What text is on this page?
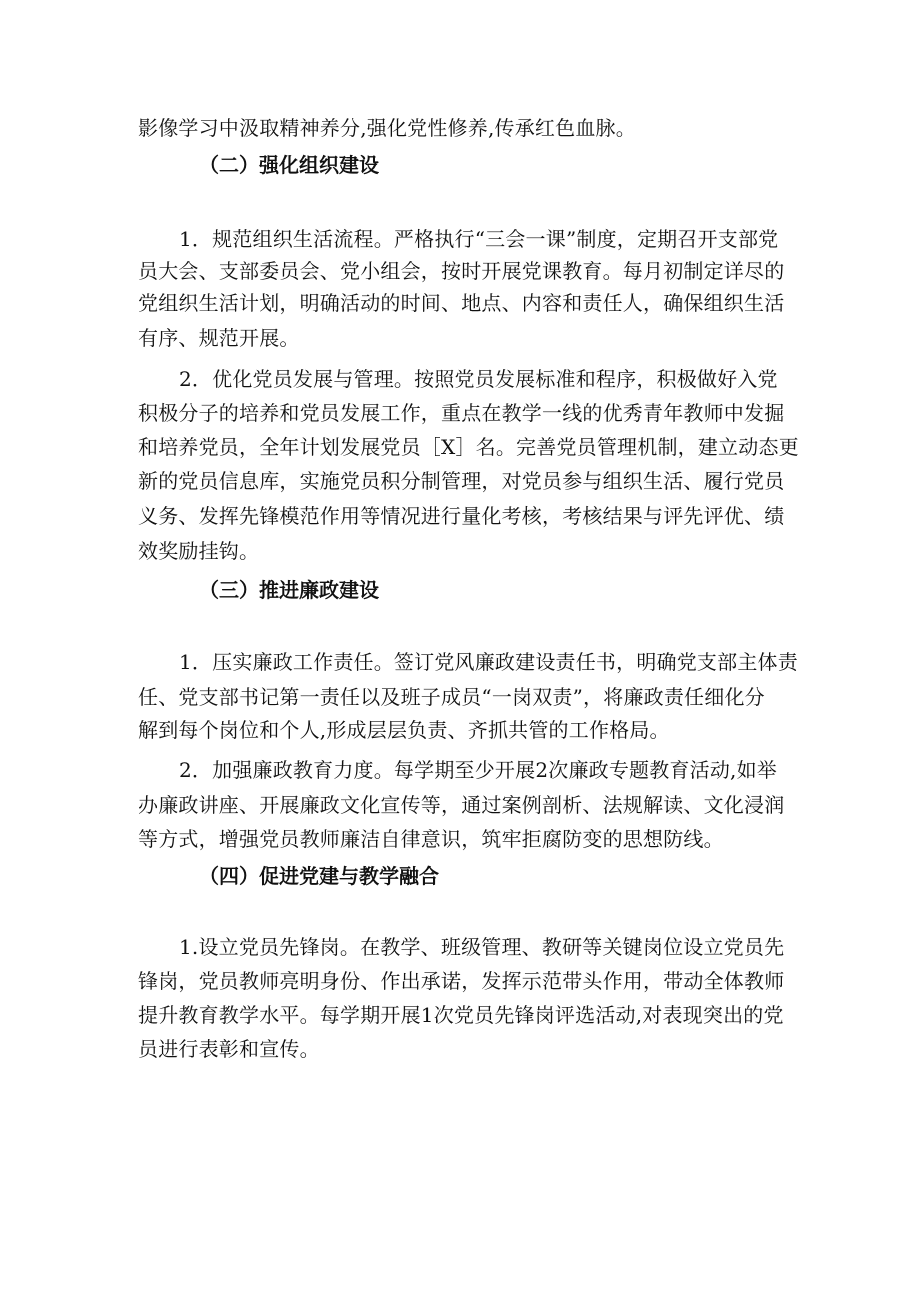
影像学习中汲取精神养分,强化党性修养,传承红色血脉。
（二）强化组织建设
1．规范组织生活流程。严格执行“三会一课”制度，定期召开支部党
员大会、支部委员会、党小组会，按时开展党课教育。每月初制定详尽的
党组织生活计划，明确活动的时间、地点、内容和责任人，确保组织生活
有序、规范开展。
2．优化党员发展与管理。按照党员发展标准和程序，积极做好入党
积极分子的培养和党员发展工作，重点在教学一线的优秀青年教师中发掘
和培养党员，全年计划发展党员［X］名。完善党员管理机制，建立动态更
新的党员信息库，实施党员积分制管理，对党员参与组织生活、履行党员
义务、发挥先锋模范作用等情况进行量化考核，考核结果与评先评优、绩
效奖励挂钩。
（三）推进廉政建设
1．压实廉政工作责任。签订党风廉政建设责任书，明确党支部主体责
任、党支部书记第一责任以及班子成员“一岗双责”，将廉政责任细化分
解到每个岗位和个人,形成层层负责、齐抓共管的工作格局。
2．加强廉政教育力度。每学期至少开展2次廉政专题教育活动,如举
办廉政讲座、开展廉政文化宣传等，通过案例剖析、法规解读、文化浸润
等方式，增强党员教师廉洁自律意识，筑牢拒腐防变的思想防线。
（四）促进党建与教学融合
1.设立党员先锋岗。在教学、班级管理、教研等关键岗位设立党员先
锋岗，党员教师亮明身份、作出承诺，发挥示范带头作用，带动全体教师
提升教育教学水平。每学期开展1次党员先锋岗评选活动,对表现突出的党
员进行表彰和宣传。
